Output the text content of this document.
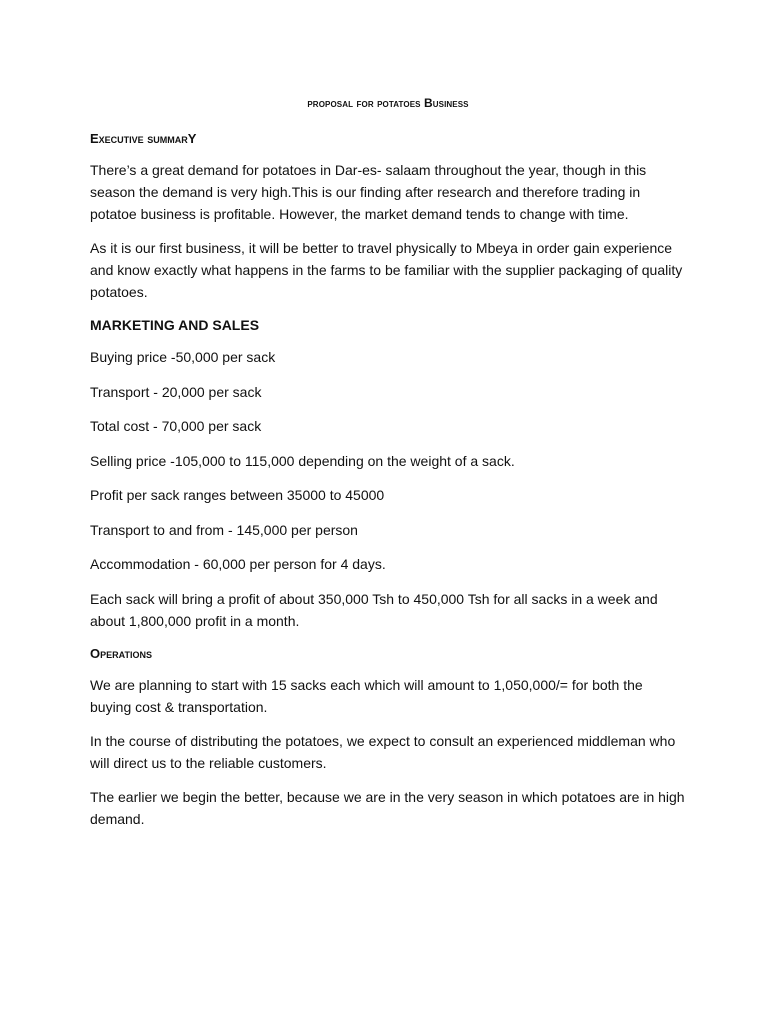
proposal for potatoes Business
Executive summarY

There’s a great demand for potatoes in Dar-es- salaam throughout the year, though in this season the demand is very high.This is our finding after research and therefore trading in potatoe business is profitable. However, the market demand tends to change with time.

As it is our first business, it will be better to travel physically to Mbeya in order gain experience and know exactly what happens in the farms to be familiar with the supplier packaging of quality potatoes.

MARKETING AND SALES

Buying price -50,000 per sack

Transport - 20,000 per sack

Total cost - 70,000 per sack

Selling price -105,000 to 115,000 depending on the weight of a sack.

Profit per sack ranges between 35000 to 45000

Transport to and from - 145,000 per person

Accommodation - 60,000 per person for 4 days.

Each sack will bring a profit of about 350,000 Tsh to 450,000 Tsh for all sacks in a week and about 1,800,000 profit in a month.

Operations

We are planning to start with 15 sacks each which will amount to 1,050,000/= for both the buying cost & transportation.

In the course of distributing the potatoes, we expect to consult an experienced middleman who will direct us to the reliable customers.

The earlier we begin the better, because we are in the very season in which potatoes are in high demand.
